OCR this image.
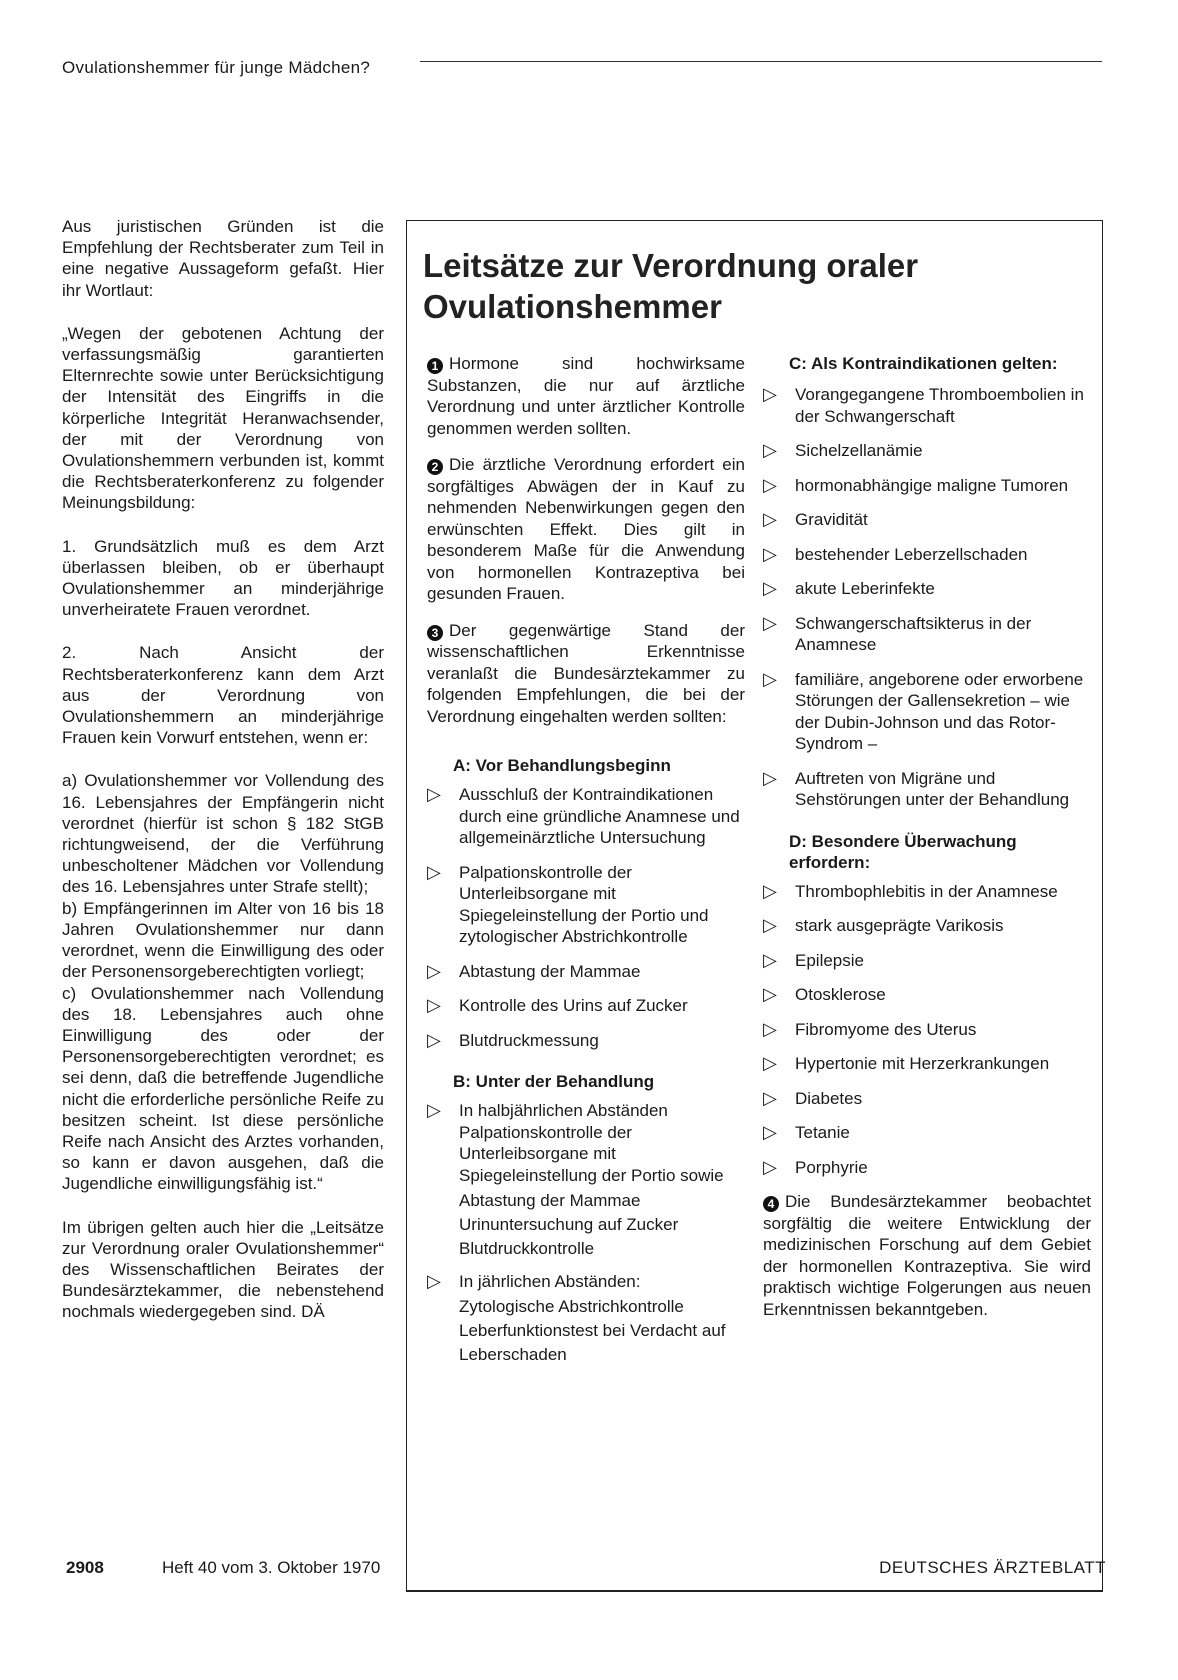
Ovulationshemmer für junge Mädchen?

Aus juristischen Gründen ist die Empfehlung der Rechtsberater zum Teil in eine negative Aussageform gefaßt. Hier ihr Wortlaut:

„Wegen der gebotenen Achtung der verfassungsmäßig garantierten Elternrechte sowie unter Berücksichtigung der Intensität des Eingriffs in die körperliche Integrität Heranwachsender, der mit der Verordnung von Ovulationshemmern verbunden ist, kommt die Rechtsberaterkonferenz zu folgender Meinungsbildung:

1. Grundsätzlich muß es dem Arzt überlassen bleiben, ob er überhaupt Ovulationshemmer an minderjährige unverheiratete Frauen verordnet.

2. Nach Ansicht der Rechtsberaterkonferenz kann dem Arzt aus der Verordnung von Ovulationshemmern an minderjährige Frauen kein Vorwurf entstehen, wenn er:

a) Ovulationshemmer vor Vollendung des 16. Lebensjahres der Empfängerin nicht verordnet (hierfür ist schon § 182 StGB richtungweisend, der die Verführung unbescholtener Mädchen vor Vollendung des 16. Lebensjahres unter Strafe stellt);

b) Empfängerinnen im Alter von 16 bis 18 Jahren Ovulationshemmer nur dann verordnet, wenn die Einwilligung des oder der Personensorgeberechtigten vorliegt;

c) Ovulationshemmer nach Vollendung des 18. Lebensjahres auch ohne Einwilligung des oder der Personensorgeberechtigten verordnet; es sei denn, daß die betreffende Jugendliche nicht die erforderliche persönliche Reife zu besitzen scheint. Ist diese persönliche Reife nach Ansicht des Arztes vorhanden, so kann er davon ausgehen, daß die Jugendliche einwilligungsfähig ist.“

Im übrigen gelten auch hier die „Leitsätze zur Verordnung oraler Ovulationshemmer“ des Wissenschaftlichen Beirates der Bundesärztekammer, die nebenstehend nochmals wiedergegeben sind. DÄ

Leitsätze zur Verordnung oraler Ovulationshemmer

1 Hormone sind hochwirksame Substanzen, die nur auf ärztliche Verordnung und unter ärztlicher Kontrolle genommen werden sollten.

2 Die ärztliche Verordnung erfordert ein sorgfältiges Abwägen der in Kauf zu nehmenden Nebenwirkungen gegen den erwünschten Effekt. Dies gilt in besonderem Maße für die Anwendung von hormonellen Kontrazeptiva bei gesunden Frauen.

3 Der gegenwärtige Stand der wissenschaftlichen Erkenntnisse veranlaßt die Bundesärztekammer zu folgenden Empfehlungen, die bei der Verordnung eingehalten werden sollten:

A: Vor Behandlungsbeginn
▷ Ausschluß der Kontraindikationen durch eine gründliche Anamnese und allgemeinärztliche Untersuchung
▷ Palpationskontrolle der Unterleibsorgane mit Spiegeleinstellung der Portio und zytologischer Abstrichkontrolle
▷ Abtastung der Mammae
▷ Kontrolle des Urins auf Zucker
▷ Blutdruckmessung
B: Unter der Behandlung
▷ In halbjährlichen Abständen Palpationskontrolle der Unterleibsorgane mit Spiegeleinstellung der Portio sowie
Abtastung der Mammae
Urinuntersuchung auf Zucker
Blutdruckkontrolle
▷ In jährlichen Abständen:
Zytologische Abstrichkontrolle
Leberfunktionstest bei Verdacht auf Leberschaden
C: Als Kontraindikationen gelten:
▷ Vorangegangene Thromboembolien in der Schwangerschaft
▷ Sichelzellanämie
▷ hormonabhängige maligne Tumoren
▷ Gravidität
▷ bestehender Leberzellschaden
▷ akute Leberinfekte
▷ Schwangerschaftsikterus in der Anamnese
▷ familiäre, angeborene oder erworbene Störungen der Gallensekretion – wie der Dubin-Johnson und das Rotor-Syndrom –
▷ Auftreten von Migräne und Sehstörungen unter der Behandlung
D: Besondere Überwachung erfordern:
▷ Thrombophlebitis in der Anamnese
▷ stark ausgeprägte Varikosis
▷ Epilepsie
▷ Otosklerose
▷ Fibromyome des Uterus
▷ Hypertonie mit Herzerkrankungen
▷ Diabetes
▷ Tetanie
▷ Porphyrie

4 Die Bundesärztekammer beobachtet sorgfältig die weitere Entwicklung der medizinischen Forschung auf dem Gebiet der hormonellen Kontrazeptiva. Sie wird praktisch wichtige Folgerungen aus neuen Erkenntnissen bekanntgeben.

2908	Heft 40 vom 3. Oktober 1970	DEUTSCHES ÄRZTEBLATT
